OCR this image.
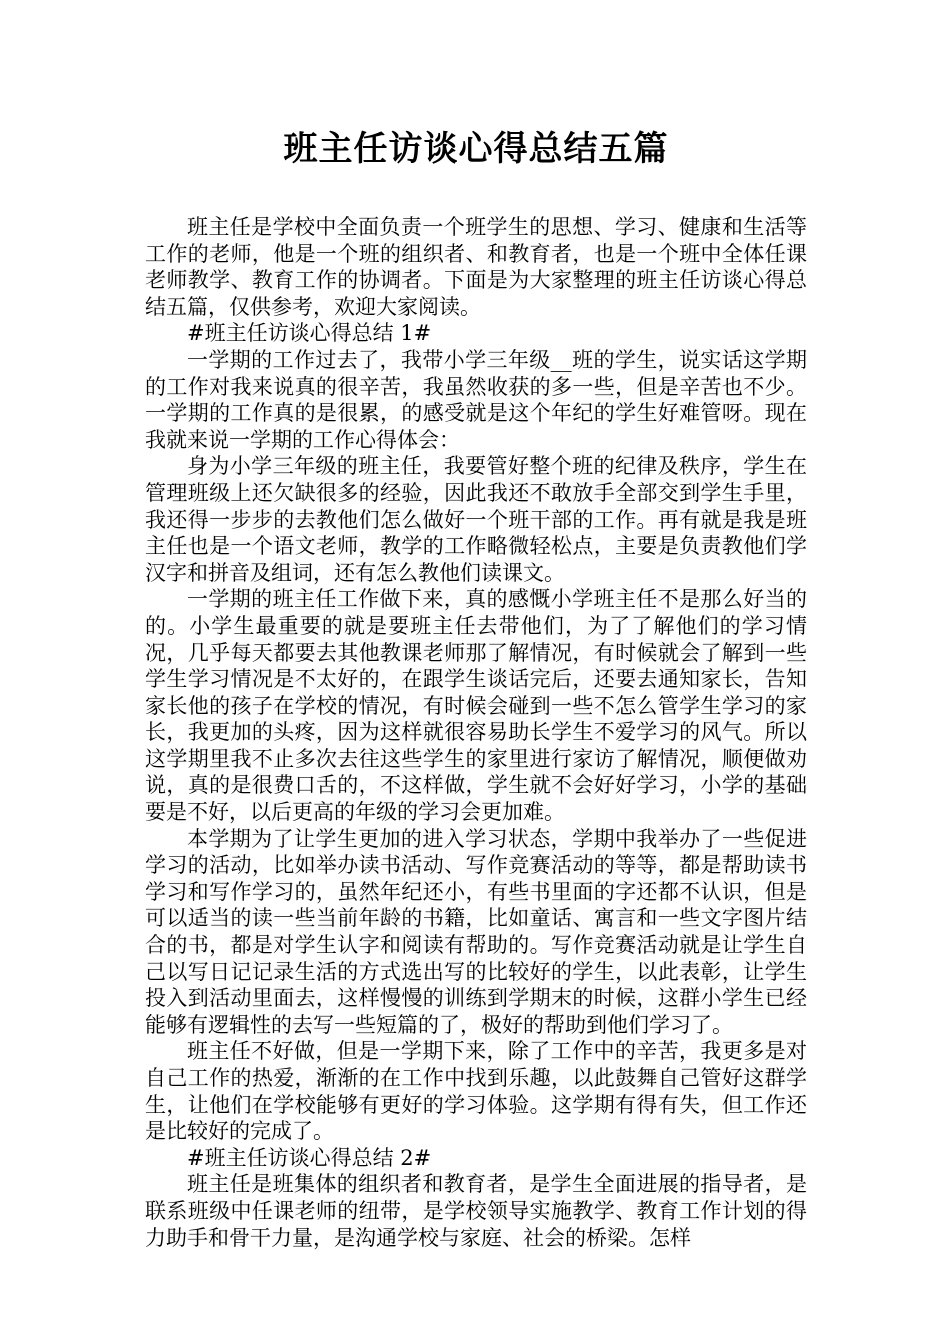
班主任访谈心得总结五篇

班主任是学校中全面负责一个班学生的思想、学习、健康和生活等工作的老师，他是一个班的组织者、和教育者，也是一个班中全体任课老师教学、教育工作的协调者。下面是为大家整理的班主任访谈心得总结五篇，仅供参考，欢迎大家阅读。

#班主任访谈心得总结 1#

一学期的工作过去了，我带小学三年级__班的学生，说实话这学期的工作对我来说真的很辛苦，我虽然收获的多一些，但是辛苦也不少。一学期的工作真的是很累，的感受就是这个年纪的学生好难管呀。现在我就来说一学期的工作心得体会：

身为小学三年级的班主任，我要管好整个班的纪律及秩序，学生在管理班级上还欠缺很多的经验，因此我还不敢放手全部交到学生手里，我还得一步步的去教他们怎么做好一个班干部的工作。再有就是我是班主任也是一个语文老师，教学的工作略微轻松点，主要是负责教他们学汉字和拼音及组词，还有怎么教他们读课文。

一学期的班主任工作做下来，真的感慨小学班主任不是那么好当的的。小学生最重要的就是要班主任去带他们，为了了解他们的学习情况，几乎每天都要去其他教课老师那了解情况，有时候就会了解到一些学生学习情况是不太好的，在跟学生谈话完后，还要去通知家长，告知家长他的孩子在学校的情况，有时候会碰到一些不怎么管学生学习的家长，我更加的头疼，因为这样就很容易助长学生不爱学习的风气。所以这学期里我不止多次去往这些学生的家里进行家访了解情况，顺便做劝说，真的是很费口舌的，不这样做，学生就不会好好学习，小学的基础要是不好，以后更高的年级的学习会更加难。

本学期为了让学生更加的进入学习状态，学期中我举办了一些促进学习的活动，比如举办读书活动、写作竞赛活动的等等，都是帮助读书学习和写作学习的，虽然年纪还小，有些书里面的字还都不认识，但是可以适当的读一些当前年龄的书籍，比如童话、寓言和一些文字图片结合的书，都是对学生认字和阅读有帮助的。写作竞赛活动就是让学生自己以写日记记录生活的方式选出写的比较好的学生，以此表彰，让学生投入到活动里面去，这样慢慢的训练到学期末的时候，这群小学生已经能够有逻辑性的去写一些短篇的了，极好的帮助到他们学习了。

班主任不好做，但是一学期下来，除了工作中的辛苦，我更多是对自己工作的热爱，渐渐的在工作中找到乐趣，以此鼓舞自己管好这群学生，让他们在学校能够有更好的学习体验。这学期有得有失，但工作还是比较好的完成了。

#班主任访谈心得总结 2#

班主任是班集体的组织者和教育者，是学生全面进展的指导者，是联系班级中任课老师的纽带，是学校领导实施教学、教育工作计划的得力助手和骨干力量，是沟通学校与家庭、社会的桥梁。怎样
